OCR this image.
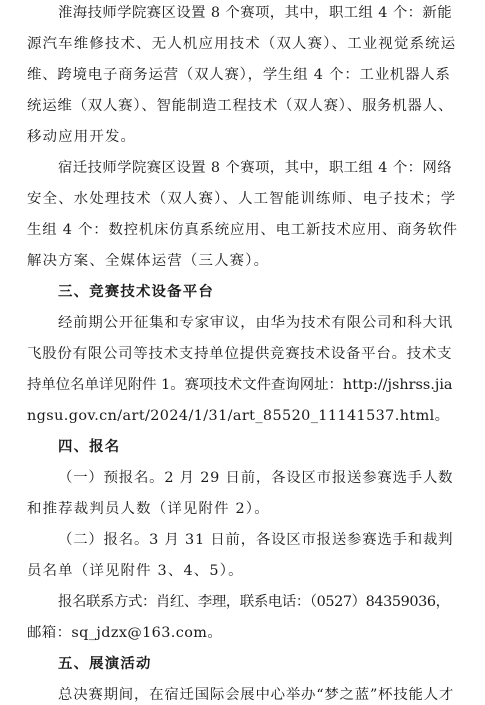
淮海技师学院赛区设置 8 个赛项，其中，职工组 4 个：新能
源汽车维修技术、无人机应用技术（双人赛）、工业视觉系统运
维、跨境电子商务运营（双人赛），学生组 4 个：工业机器人系
统运维（双人赛）、智能制造工程技术（双人赛）、服务机器人、
移动应用开发。
宿迁技师学院赛区设置 8 个赛项，其中，职工组 4 个：网络
安全、水处理技术（双人赛）、人工智能训练师、电子技术；学
生组 4 个：数控机床仿真系统应用、电工新技术应用、商务软件
解决方案、全媒体运营（三人赛）。
三、竞赛技术设备平台
经前期公开征集和专家审议，由华为技术有限公司和科大讯
飞股份有限公司等技术支持单位提供竞赛技术设备平台。技术支
持单位名单详见附件 1。赛项技术文件查询网址：http://jshrss.jia
ngsu.gov.cn/art/2024/1/31/art_85520_11141537.html。
四、报名
（一）预报名。2 月 29 日前，各设区市报送参赛选手人数
和推荐裁判员人数（详见附件 2）。
（二）报名。3 月 31 日前，各设区市报送参赛选手和裁判
员名单（详见附件 3、4、5）。
报名联系方式：肖红、李理，联系电话：（0527）84359036，
邮箱：sq_jdzx@163.com。
五、展演活动
总决赛期间，在宿迁国际会展中心举办“梦之蓝”杯技能人才
